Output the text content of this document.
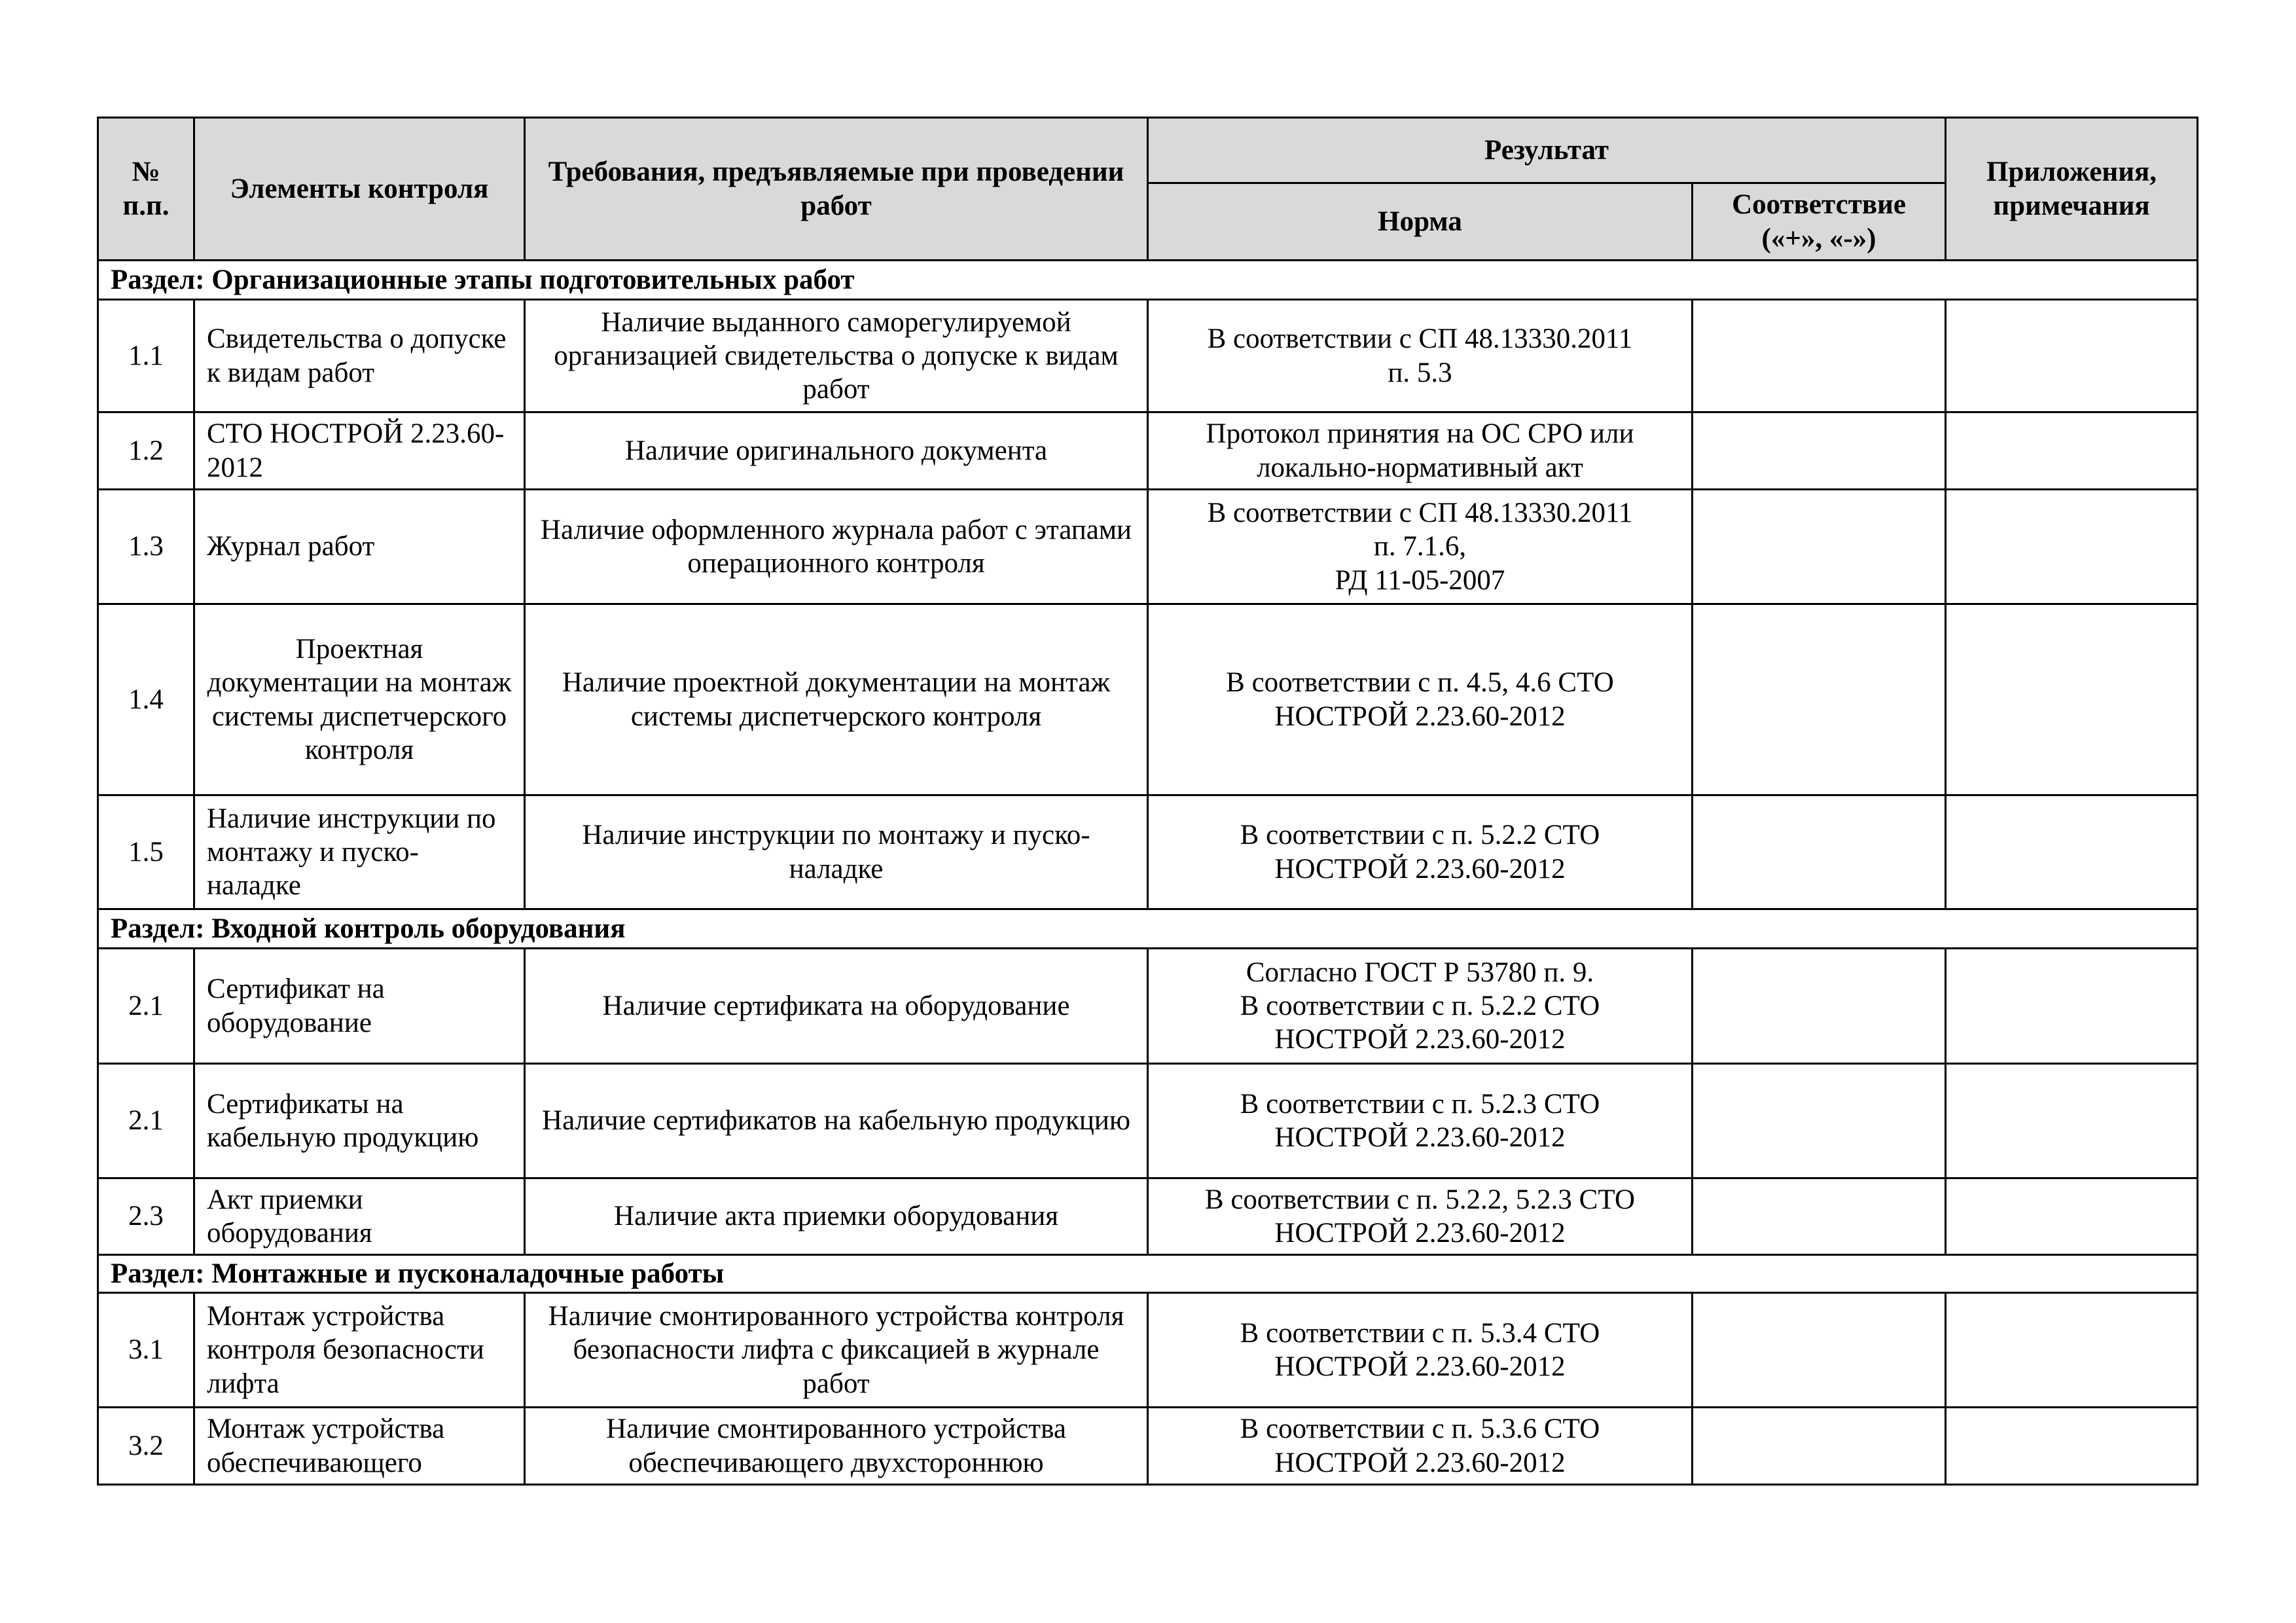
№ п.п.	Элементы контроля	Требования, предъявляемые при проведении работ	Результат		Приложения, примечания
			Норма	Соответствие («+», «-»)	
Раздел: Организационные этапы подготовительных работ					
1.1	Свидетельства о допуске к видам работ	Наличие выданного саморегулируемой организацией свидетельства о допуске к видам работ	В соответствии с СП 48.13330.2011
п. 5.3		

1.2	СТО НОСТРОЙ 2.23.60-2012	Наличие оригинального документа	Протокол принятия на ОС СРО или
локально-нормативный акт		

1.3	Журнал работ	Наличие оформленного журнала работ с этапами операционного контроля	В соответствии с СП 48.13330.2011
п. 7.1.6,
РД 11-05-2007		

1.4	Проектная документации на монтаж системы диспетчерского контроля	Наличие проектной документации на монтаж системы диспетчерского контроля	В соответствии с п. 4.5, 4.6 СТО
НОСТРОЙ 2.23.60-2012		

1.5	Наличие инструкции по монтажу и пуско-наладке	Наличие инструкции по монтажу и пуско-наладке	В соответствии с п. 5.2.2 СТО
НОСТРОЙ 2.23.60-2012		

Раздел: Входной контроль оборудования					
2.1	Сертификат на оборудование	Наличие сертификата на оборудование	Согласно ГОСТ Р 53780 п. 9.
В соответствии с п. 5.2.2 СТО
НОСТРОЙ 2.23.60-2012		

2.1	Сертификаты на кабельную продукцию	Наличие сертификатов на кабельную продукцию	В соответствии с п. 5.2.3 СТО
НОСТРОЙ 2.23.60-2012		

2.3	Акт приемки оборудования	Наличие акта приемки оборудования	В соответствии с п. 5.2.2, 5.2.3 СТО
НОСТРОЙ 2.23.60-2012		

Раздел: Монтажные и пусконаладочные работы					
3.1	Монтаж устройства контроля безопасности лифта	Наличие смонтированного устройства контроля безопасности лифта с фиксацией в журнале работ	В соответствии с п. 5.3.4 СТО
НОСТРОЙ 2.23.60-2012		

3.2	Монтаж устройства обеспечивающего	Наличие смонтированного устройства обеспечивающего двухстороннюю	В соответствии с п. 5.3.6 СТО
НОСТРОЙ 2.23.60-2012		
